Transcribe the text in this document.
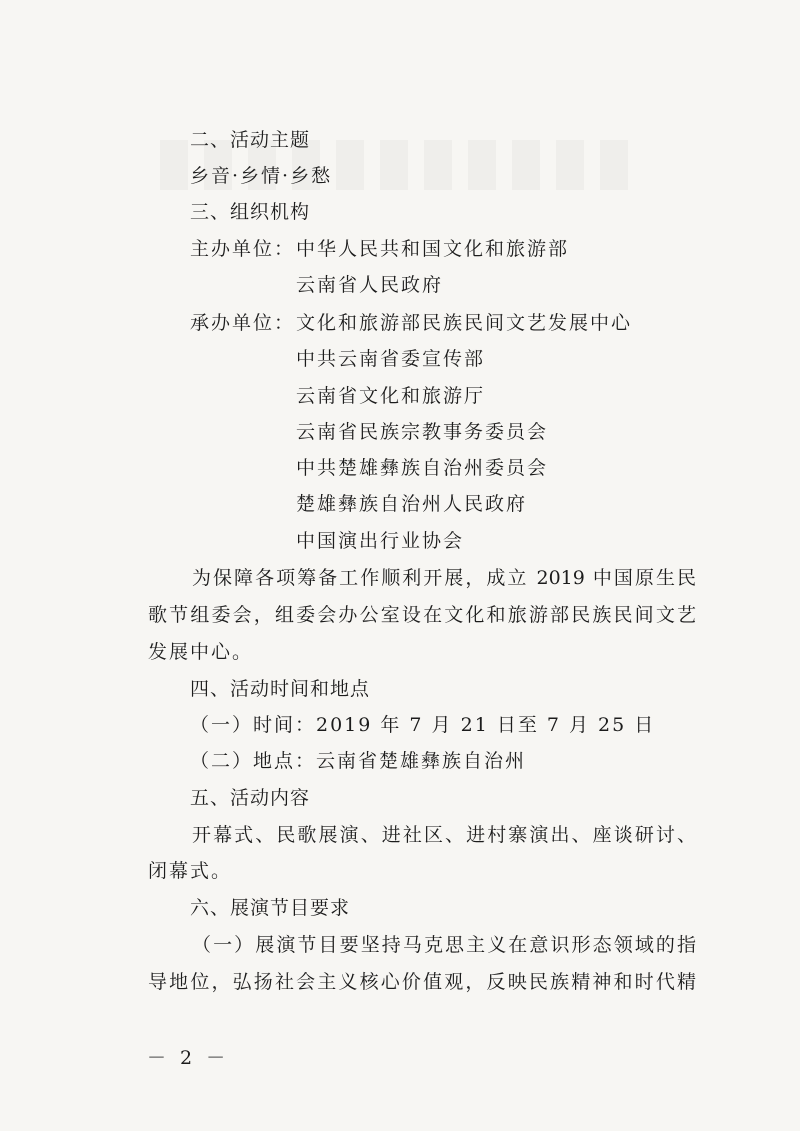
二、活动主题
乡音·乡情·乡愁
三、组织机构
主办单位： 中华人民共和国文化和旅游部
云南省人民政府
承办单位： 文化和旅游部民族民间文艺发展中心
中共云南省委宣传部
云南省文化和旅游厅
云南省民族宗教事务委员会
中共楚雄彝族自治州委员会
楚雄彝族自治州人民政府
中国演出行业协会
为保障各项筹备工作顺利开展，成立 2019 中国原生民
歌节组委会，组委会办公室设在文化和旅游部民族民间文艺
发展中心。
四、活动时间和地点
（一）时间：2019 年 7 月 21 日至 7 月 25 日
（二）地点：云南省楚雄彝族自治州
五、活动内容
开幕式、民歌展演、进社区、进村寨演出、座谈研讨、
闭幕式。
六、展演节目要求
（一）展演节目要坚持马克思主义在意识形态领域的指
导地位，弘扬社会主义核心价值观，反映民族精神和时代精
－ 2 －
